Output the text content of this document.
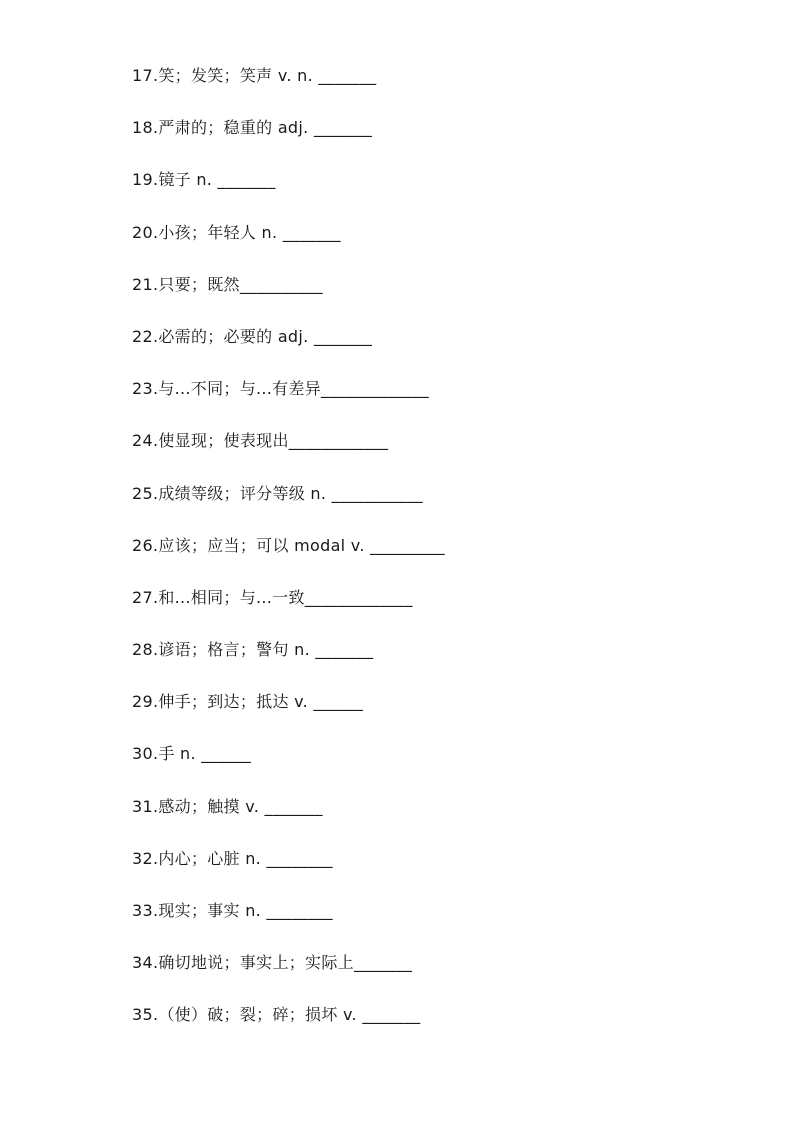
17.笑；发笑；笑声 v. n. _______
18.严肃的；稳重的 adj. _______
19.镜子 n. _______
20.小孩；年轻人 n. _______
21.只要；既然__________
22.必需的；必要的 adj. _______
23.与...不同；与...有差异_____________
24.使显现；使表现出____________
25.成绩等级；评分等级 n. ___________
26.应该；应当；可以 modal v. _________
27.和...相同；与...一致_____________
28.谚语；格言；警句 n. _______
29.伸手；到达；抵达 v. ______
30.手 n. ______
31.感动；触摸 v. _______
32.内心；心脏 n. ________
33.现实；事实 n. ________
34.确切地说；事实上；实际上_______
35.（使）破；裂；碎；损坏 v. _______
